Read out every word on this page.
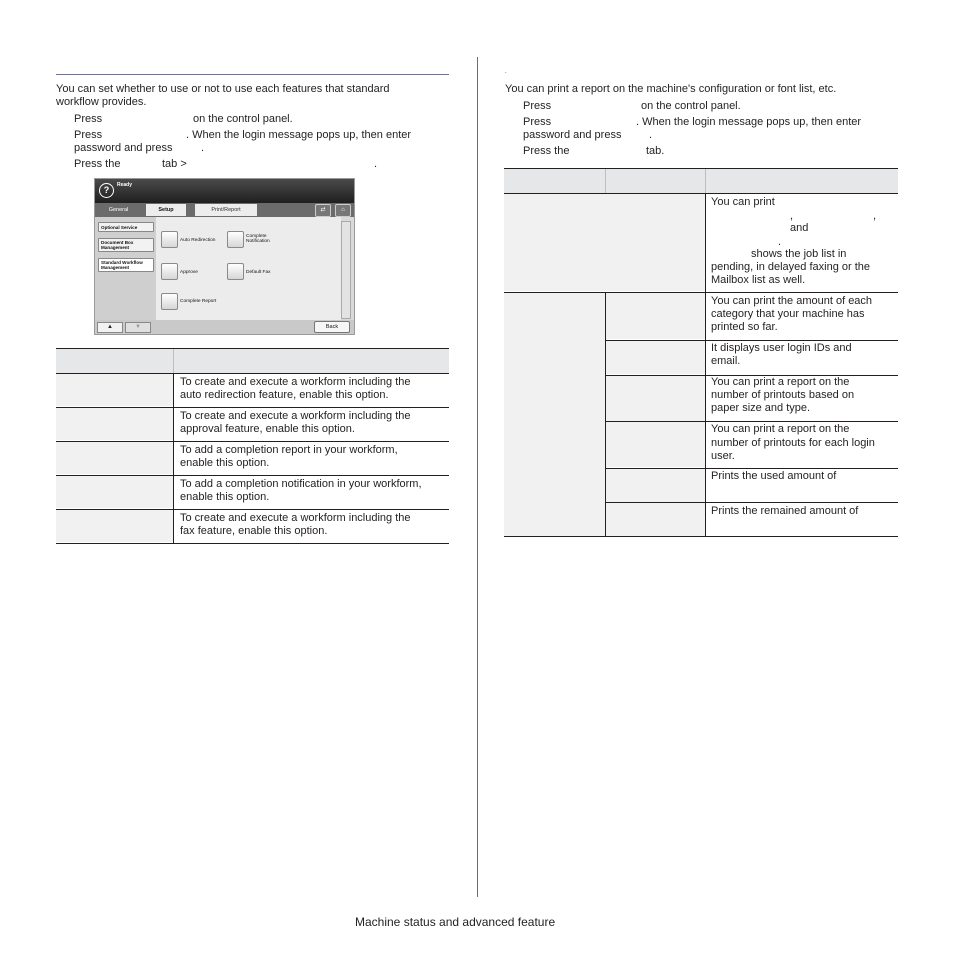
You can set whether to use or not to use each features that standard
workflow provides.
Press	on the control panel.
Press	. When the login message pops up, then enter
password and press	.
Press the	tab >	.
?	Ready
General	Setup	Print/Report	⇄	⌂
Optional Service
Document Box Management
Standard Workflow Management
Auto Redirection
Complete Notification
Approve	Default Fax
Complete Report
▲	▼	Back
To create and execute a workform including the
auto redirection feature, enable this option.
To create and execute a workform including the
approval feature, enable this option.
To add a completion report in your workform,
enable this option.
To add a completion notification in your workform,
enable this option.
To create and execute a workform including the
fax feature, enable this option.
.
You can print a report on the machine's configuration or font list, etc.
Press	on the control panel.
Press	. When the login message pops up, then enter
password and press	.
Press the	tab.
You can print
,	,
and
.
shows the job list in
pending, in delayed faxing or the
Mailbox list as well.
You can print the amount of each
category that your machine has
printed so far.
It displays user login IDs and
email.
You can print a report on the
number of printouts based on
paper size and type.
You can print a report on the
number of printouts for each login
user.
Prints the used amount of
Prints the remained amount of
Machine status and advanced feature
